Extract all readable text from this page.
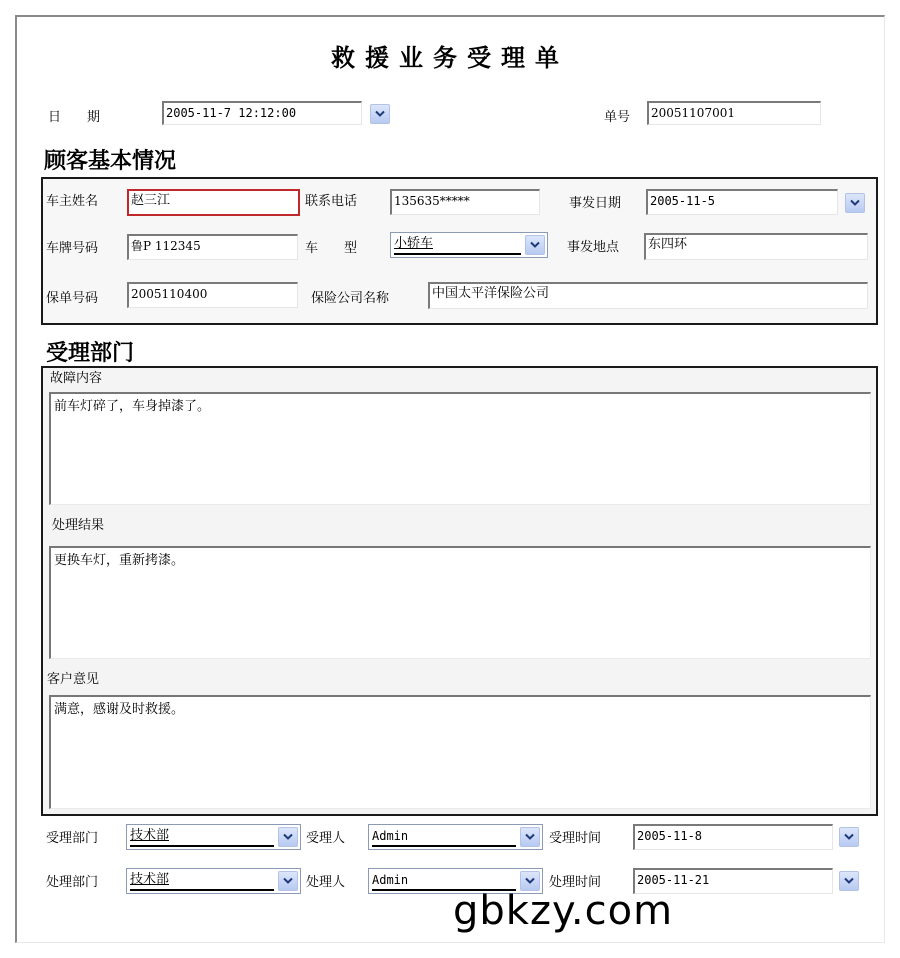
救援业务受理单
日　　期	2005-11-7 12:12:00	单号	20051107001
顾客基本情况
车主姓名	赵三江	联系电话	135635*****	事发日期	2005-11-5
车牌号码	鲁P 112345	车　　型	小轿车	事发地点	东四环
保单号码	2005110400	保险公司名称	中国太平洋保险公司
受理部门
故障内容
前车灯碎了，车身掉漆了。
处理结果
更换车灯，重新拷漆。
客户意见
满意，感谢及时救援。
受理部门 技术部	受理人 Admin	受理时间	2005-11-8
处理部门 技术部	处理人 Admin	处理时间	2005-11-21
gbkzy.com
